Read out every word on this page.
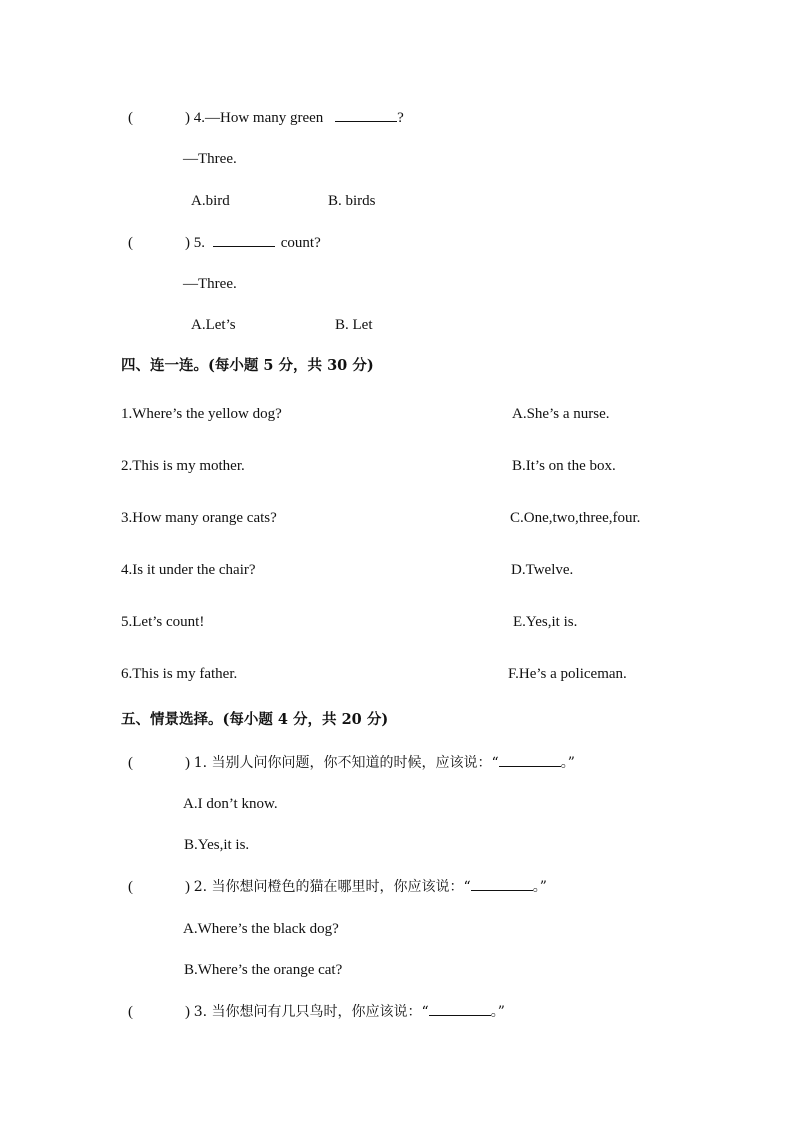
(	) 4.—How many green	?
—Three.
A.bird	B. birds
(	) 5.	count?
—Three.
A.Let’s	B. Let
四、连一连。(每小题 5 分，共 30 分)
1.Where’s the yellow dog?	A.She’s a nurse.
2.This is my mother.	B.It’s on the box.
3.How many orange cats?	C.One,two,three,four.
4.Is it under the chair?	D.Twelve.
5.Let’s count!	E.Yes,it is.
6.This is my father.	F.He’s a policeman.
五、情景选择。(每小题 4 分，共 20 分)
(	) 1. 当别人问你问题，你不知道的时候，应该说：“	。”
A.I don’t know.
B.Yes,it is.
(	) 2. 当你想问橙色的猫在哪里时，你应该说：“	。”
A.Where’s the black dog?
B.Where’s the orange cat?
(	) 3. 当你想问有几只鸟时，你应该说：“	。”
